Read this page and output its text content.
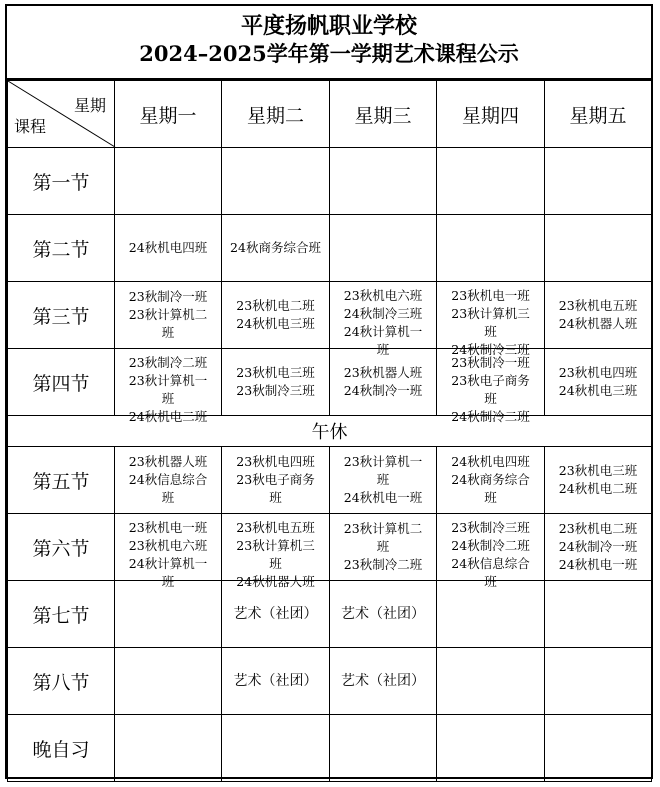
平度扬帆职业学校
2024–2025学年第一学期艺术课程公示
星期
课程	星期一	星期二	星期三	星期四	星期五
第一节	

第二节	24秋机电四班	24秋商务综合班			

第三节	23秋制冷一班
23秋计算机二
班	23秋机电二班
24秋机电三班	23秋机电六班
24秋制冷三班
24秋计算机一
班	23秋机电一班
23秋计算机三
班
24秋制冷三班	23秋机电五班
24秋机器人班

第四节	23秋制冷二班
23秋计算机一
班
24秋机电二班	23秋机电三班
23秋制冷三班	23秋机器人班
24秋制冷一班	23秋制冷一班
23秋电子商务
班
24秋制冷二班	23秋机电四班
24秋机电三班

午休					
第五节	23秋机器人班
24秋信息综合
班	23秋机电四班
23秋电子商务
班	23秋计算机一
班
24秋机电一班	24秋机电四班
24秋商务综合
班	23秋机电三班
24秋机电二班

第六节	23秋机电一班
23秋机电六班
24秋计算机一
班	23秋机电五班
23秋计算机三
班
24秋机器人班	23秋计算机二
班
23秋制冷二班	23秋制冷三班
24秋制冷二班
24秋信息综合
班	23秋机电二班
24秋制冷一班
24秋机电一班

第七节		艺术（社团）	艺术（社团）		

第八节		艺术（社团）	艺术（社团）		

晚自习	
